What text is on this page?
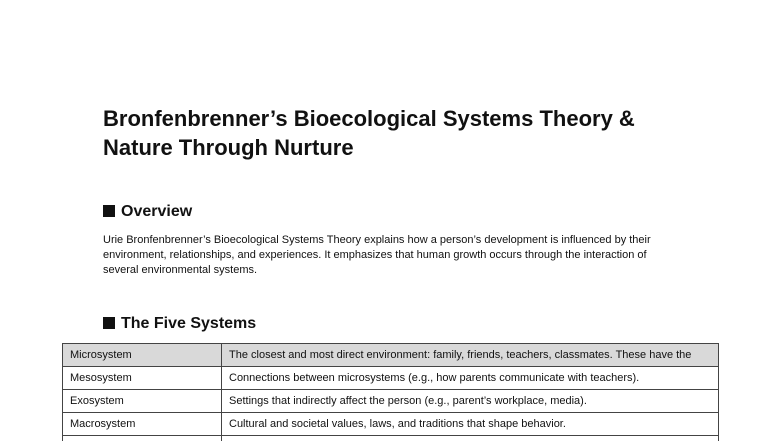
Bronfenbrenner’s Bioecological Systems Theory &
Nature Through Nurture
Overview

Urie Bronfenbrenner’s Bioecological Systems Theory explains how a person’s development is influenced by their environment, relationships, and experiences. It emphasizes that human growth occurs through the interaction of several environmental systems.

The Five Systems
Microsystem	The closest and most direct environment: family, friends, teachers, classmates. These have the
Mesosystem	Connections between microsystems (e.g., how parents communicate with teachers).
Exosystem	Settings that indirectly affect the person (e.g., parent’s workplace, media).
Macrosystem	Cultural and societal values, laws, and traditions that shape behavior.
